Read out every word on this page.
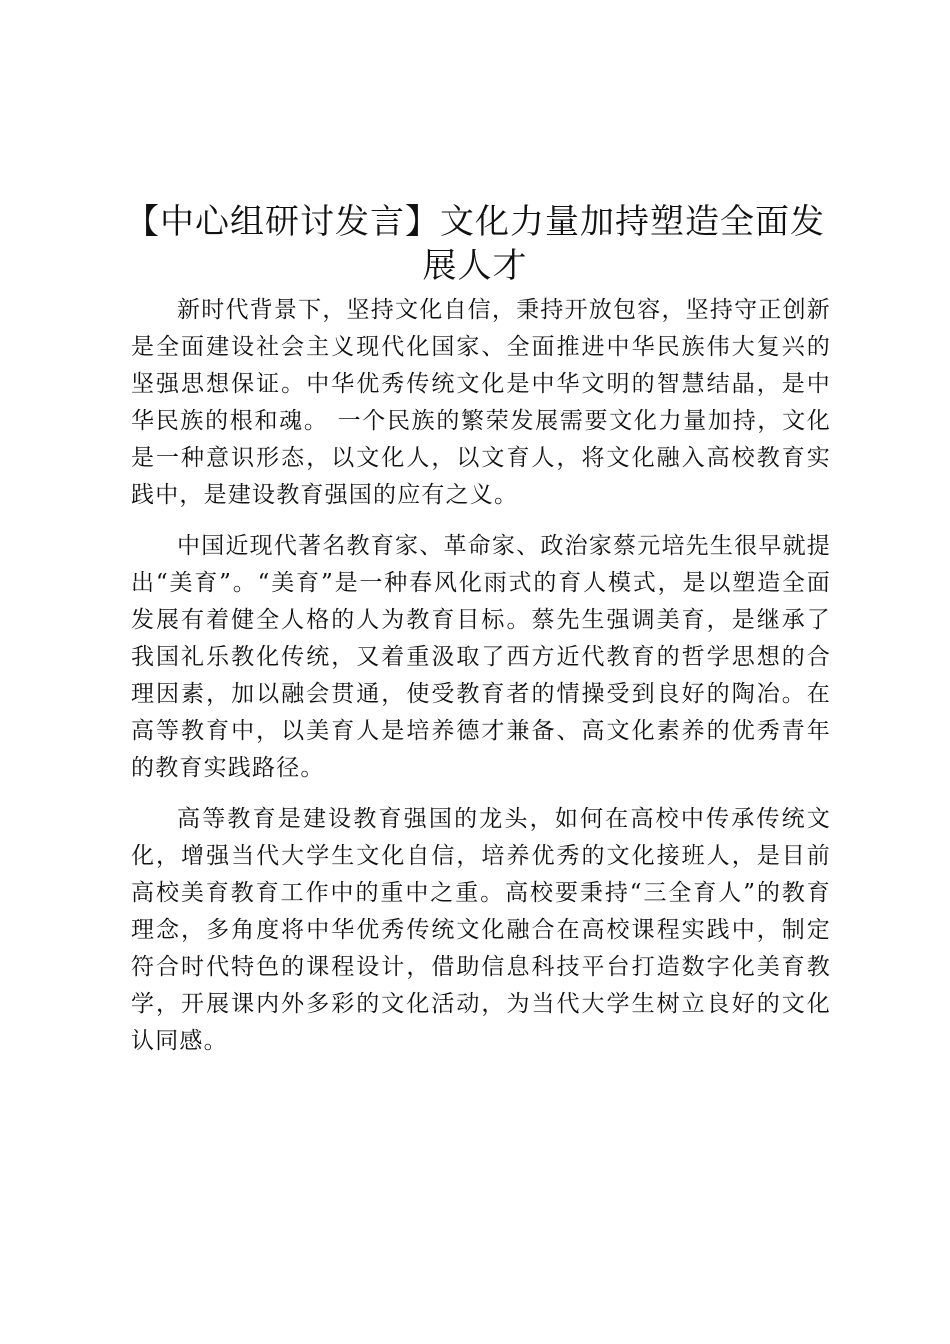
【中心组研讨发言】文化力量加持塑造全面发展人才

新时代背景下，坚持文化自信，秉持开放包容，坚持守正创新是全面建设社会主义现代化国家、全面推进中华民族伟大复兴的坚强思想保证。中华优秀传统文化是中华文明的智慧结晶，是中华民族的根和魂。 一个民族的繁荣发展需要文化力量加持，文化是一种意识形态，以文化人，以文育人，将文化融入高校教育实践中，是建设教育强国的应有之义。

中国近现代著名教育家、革命家、政治家蔡元培先生很早就提出“美育”。“美育”是一种春风化雨式的育人模式，是以塑造全面发展有着健全人格的人为教育目标。蔡先生强调美育，是继承了我国礼乐教化传统，又着重汲取了西方近代教育的哲学思想的合理因素，加以融会贯通，使受教育者的情操受到良好的陶冶。在高等教育中，以美育人是培养德才兼备、高文化素养的优秀青年的教育实践路径。

高等教育是建设教育强国的龙头，如何在高校中传承传统文化，增强当代大学生文化自信，培养优秀的文化接班人，是目前高校美育教育工作中的重中之重。高校要秉持“三全育人”的教育理念，多角度将中华优秀传统文化融合在高校课程实践中，制定符合时代特色的课程设计，借助信息科技平台打造数字化美育教学，开展课内外多彩的文化活动，为当代大学生树立良好的文化认同感。
